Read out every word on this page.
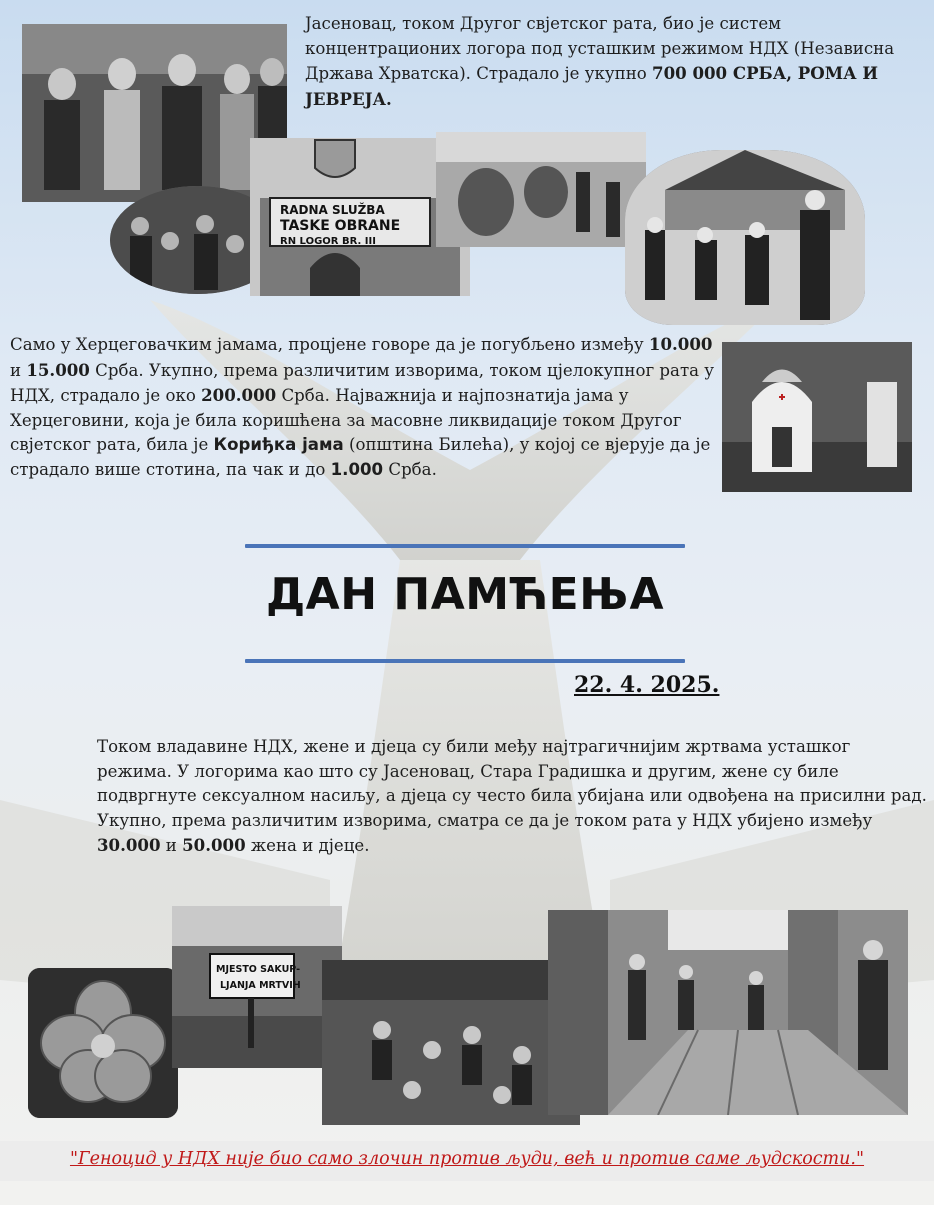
RADNA SLUŽBA
TASKE OBRANE
RN LOGOR BR. III

Јасеновац, током Другог свјетског рата, био је систем концентрационих логора под усташким режимом НДХ (Независна Држава Хрватска). Страдало је укупно 700 000 СРБА, РОМА И ЈЕВРЕЈА.

Само у Херцеговачким јамама, процјене говоре да је погубљено између 10.000 и 15.000 Срба. Укупно, према различитим изворима, током цјелокупног рата у НДХ, страдало је око 200.000 Срба. Најважнија и најпознатија јама у Херцеговини, која је била коришћена за масовне ликвидације током Другог свјетског рата, била је Кориђка јама (општина Билећа), у којој се вјерује да је страдало више стотина, па чак и до 1.000 Срба.

ДАН ПАМЋЕЊА
22. 4. 2025.

Током владавине НДХ, жене и дјеца су били међу најтрагичнијим жртвама усташког режима. У логорима као што су Јасеновац, Стара Градишка и другим, жене су биле подвргнуте сексуалном насиљу, а дјеца су често била убијана или одвођена на присилни рад. Укупно, према различитим изворима, сматра се да је током рата у НДХ убијено између 30.000 и 50.000 жена и дјеце.

MJESTO SAKUP-
LJANJA MRTVIH
"Геноцид у НДХ није био само злочин против људи, већ и против саме људскости."
